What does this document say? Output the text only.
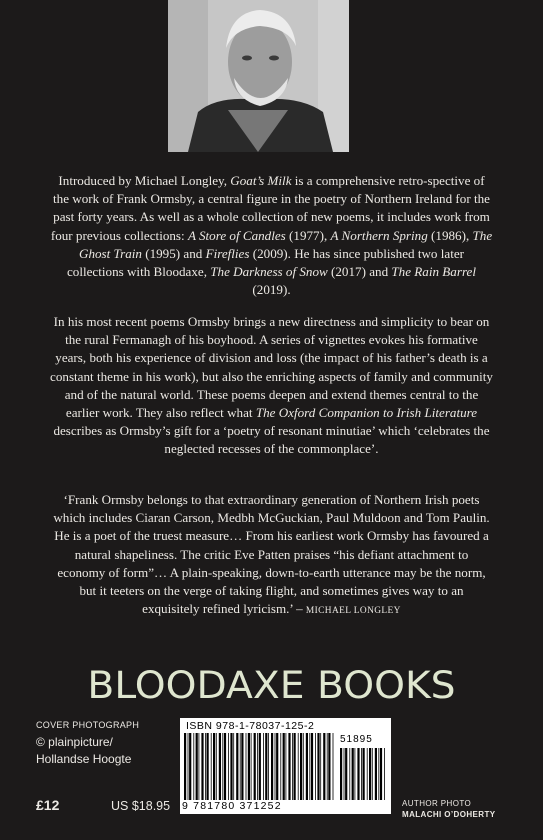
Introduced by Michael Longley, Goat’s Milk is a comprehensive retro-spective of the work of Frank Ormsby, a central figure in the poetry of Northern Ireland for the past forty years. As well as a whole collection of new poems, it includes work from four previous collections: A Store of Candles (1977), A Northern Spring (1986), The Ghost Train (1995) and Fireflies (2009). He has since published two later collections with Bloodaxe, The Darkness of Snow (2017) and The Rain Barrel (2019).

In his most recent poems Ormsby brings a new directness and simplicity to bear on the rural Fermanagh of his boyhood. A series of vignettes evokes his formative years, both his experience of division and loss (the impact of his father’s death is a constant theme in his work), but also the enriching aspects of family and community and of the natural world. These poems deepen and extend themes central to the earlier work. They also reflect what The Oxford Companion to Irish Literature describes as Ormsby’s gift for a ‘poetry of resonant minutiae’ which ‘celebrates the neglected recesses of the commonplace’.

‘Frank Ormsby belongs to that extraordinary generation of Northern Irish poets which includes Ciaran Carson, Medbh McGuckian, Paul Muldoon and Tom Paulin. He is a poet of the truest measure… From his earliest work Ormsby has favoured a natural shapeliness. The critic Eve Patten praises “his defiant attachment to economy of form”… A plain-speaking, down-to-earth utterance may be the norm, but it teeters on the verge of taking flight, and sometimes gives way to an exquisitely refined lyricism.’ – MICHAEL LONGLEY

BLOODAXE BOOKS
COVER PHOTOGRAPH
© plainpicture/
Hollandse Hoogte
ISBN 978-1-78037-125-2
51895
9 781780 371252
£12	US $18.95	AUTHOR PHOTO
MALACHI O’DOHERTY
